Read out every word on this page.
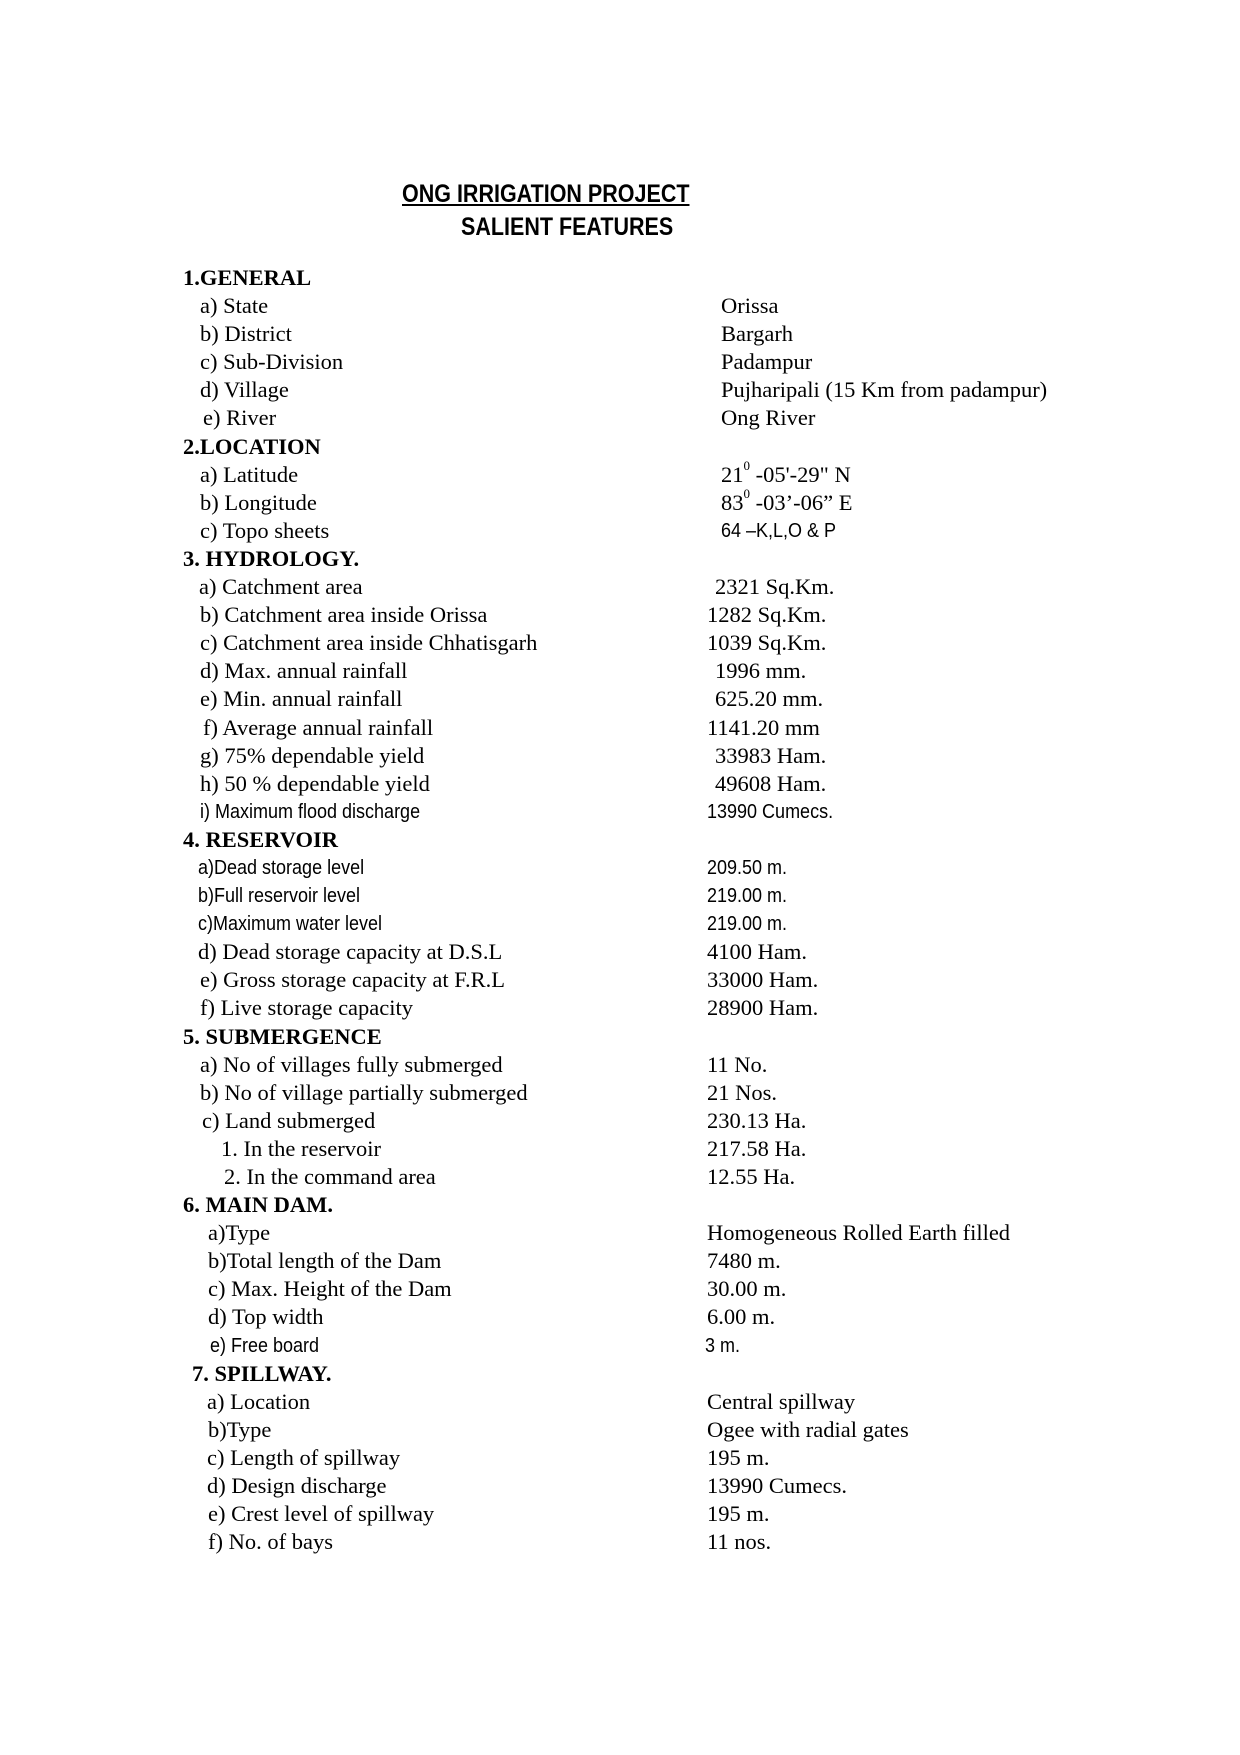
ONG IRRIGATION PROJECT
SALIENT FEATURES
1.GENERAL
a) State	Orissa
b) District	Bargarh
c) Sub-Division	Padampur
d) Village	Pujharipali (15 Km from padampur)
e) River	Ong River
2.LOCATION
a) Latitude	$21^0$ -05'-29" N
b) Longitude	$83^0$ -03’-06” E
c) Topo sheets	64 –K,L,O & P
3. HYDROLOGY.
a) Catchment area	2321 Sq.Km.
b) Catchment area inside Orissa	1282 Sq.Km.
c) Catchment area inside Chhatisgarh	1039 Sq.Km.
d) Max. annual rainfall	1996 mm.
e) Min. annual rainfall	625.20 mm.
f) Average annual rainfall	1141.20 mm
g) 75% dependable yield	33983 Ham.
h) 50 % dependable yield	49608 Ham.
i) Maximum flood discharge	13990 Cumecs.
4. RESERVOIR
a)Dead storage level	209.50 m.
b)Full reservoir level	219.00 m.
c)Maximum water level	219.00 m.
d) Dead storage capacity at D.S.L	4100 Ham.
e) Gross storage capacity at F.R.L	33000 Ham.
f) Live storage capacity	28900 Ham.
5. SUBMERGENCE
a) No of villages fully submerged	11 No.
b) No of village partially submerged	21 Nos.
c) Land submerged	230.13 Ha.
1. In the reservoir	217.58 Ha.
2. In the command area	12.55 Ha.
6. MAIN DAM.
a)Type	Homogeneous Rolled Earth filled
b)Total length of the Dam	7480 m.
c) Max. Height of the Dam	30.00 m.
d) Top width	6.00 m.
e) Free board	3 m.
7. SPILLWAY.
a) Location	Central spillway
b)Type	Ogee with radial gates
c) Length of spillway	195 m.
d) Design discharge	13990 Cumecs.
e) Crest level of spillway	195 m.
f) No. of bays	11 nos.
